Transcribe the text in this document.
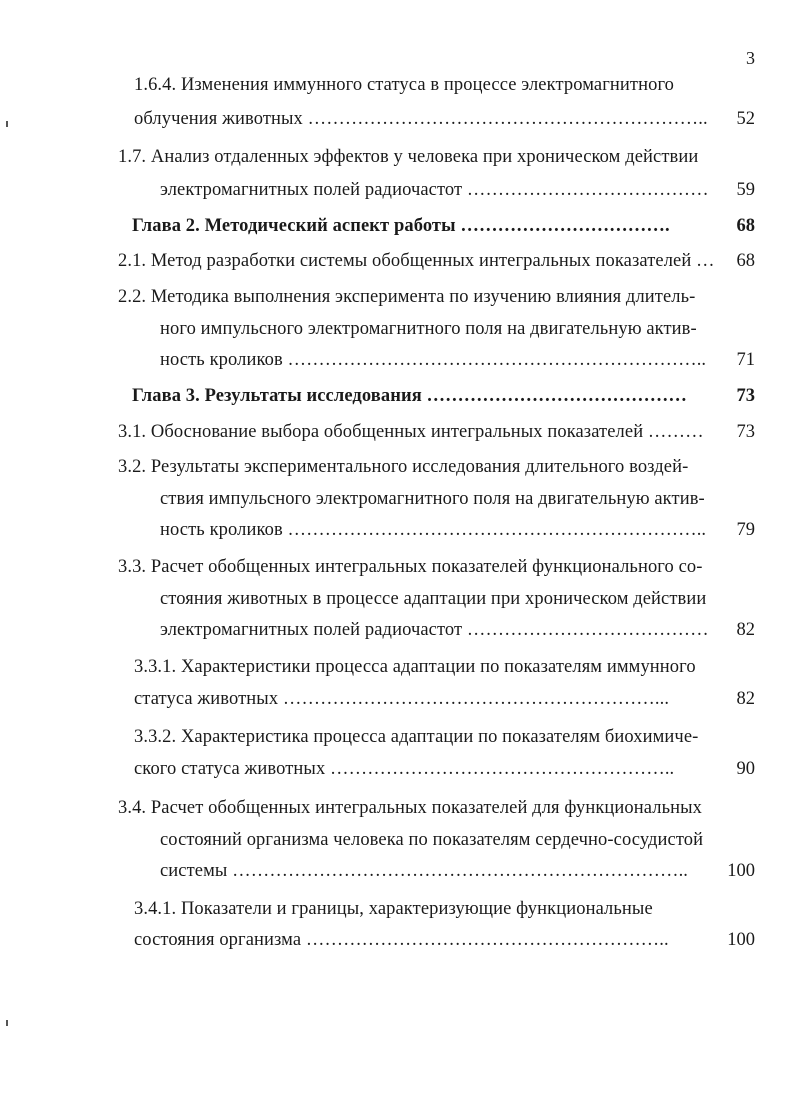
3
1.6.4. Изменения иммунного статуса в процессе электромагнитного
облучения животных ……………………………………………………….. 52
1.7. Анализ отдаленных эффектов у человека при хроническом действии
электромагнитных полей радиочастот ………………………………… 59
Глава 2. Методический аспект работы …………………………….	68
2.1. Метод разработки системы обобщенных интегральных показателей … 68
2.2. Методика выполнения эксперимента по изучению влияния длитель-
ного импульсного электромагнитного поля на двигательную актив-
ность кроликов ………………………………………………………….. 71
Глава 3. Результаты исследования ……………………………………	73
3.1. Обоснование выбора обобщенных интегральных показателей ……… 73
3.2. Результаты экспериментального исследования длительного воздей-
ствия импульсного электромагнитного поля на двигательную актив-
ность кроликов ………………………………………………………….. 79
3.3. Расчет обобщенных интегральных показателей функционального со-
стояния животных в процессе адаптации при хроническом действии
электромагнитных полей радиочастот ………………………………… 82
3.3.1. Характеристики процесса адаптации по показателям иммунного
статуса животных ……………………………………………………...	82
3.3.2. Характеристика процесса адаптации по показателям биохимиче-
ского статуса животных ………………………………………………..	90
3.4. Расчет обобщенных интегральных показателей для функциональных
состояний организма человека по показателям сердечно-сосудистой
системы ……………………………………………………………….. 100
3.4.1. Показатели и границы, характеризующие функциональные
состояния организма …………………………………………………..	100
